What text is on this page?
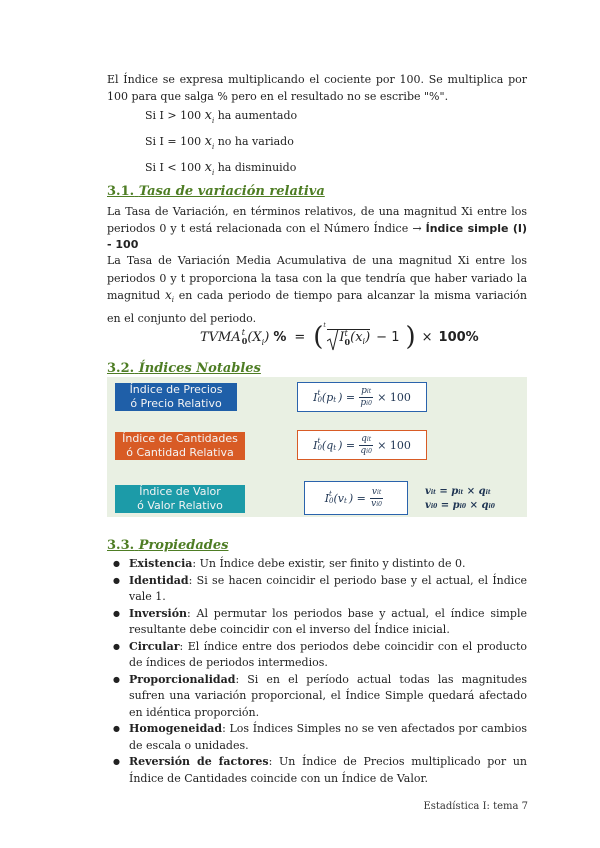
El Índice se expresa multiplicando el cociente por 100. Se multiplica por 100 para que salga % pero en el resultado no se escribe "%".

Si I > 100 $x_i$ ha aumentado
Si I = 100 $x_i$ no ha variado
Si I < 100 $x_i$ ha disminuido
3.1. Tasa de variación relativa

La Tasa de Variación, en términos relativos, de una magnitud Xi entre los periodos 0 y t está relacionada con el Número Índice → Índice simple (I) - 100

La Tasa de Variación Media Acumulativa de una magnitud Xi entre los periodos 0 y t proporciona la tasa con la que tendría que haber variado la magnitud $x_i$ en cada periodo de tiempo para alcanzar la misma variación en el conjunto del periodo.

TVMA t
0 (X i ) % = ( t
I t
0 (x i ) − 1 ) × 100%
3.2. Índices Notables
Índice de Precios
ó Precio Relativo	I t
0 (p t ) = $\frac{\text{pit}}{pi0} \times 100$
Índice de Cantidades
ó Cantidad Relativa
I t
0 (q t ) = $\frac{\text{qit}}{qi0} \times 100$
Índice de Valor
ó Valor Relativo
I t
0 (v t ) = $\frac{\text{vit}}{vi0}$	vit = pit × qit
vi0 = pi0 × qi0
3.3. Propiedades
● Existencia: Un Índice debe existir, ser finito y distinto de 0.
● Identidad: Si se hacen coincidir el periodo base y el actual, el Índice vale 1.
● Inversión: Al permutar los periodos base y actual, el índice simple resultante debe coincidir con el inverso del Índice inicial.
● Circular: El índice entre dos periodos debe coincidir con el producto de índices de periodos intermedios.
● Proporcionalidad: Si en el período actual todas las magnitudes sufren una variación proporcional, el Índice Simple quedará afectado en idéntica proporción.
● Homogeneidad: Los Índices Simples no se ven afectados por cambios de escala o unidades.
● Reversión de factores: Un Índice de Precios multiplicado por un Índice de Cantidades coincide con un Índice de Valor.
Estadística I: tema 7
